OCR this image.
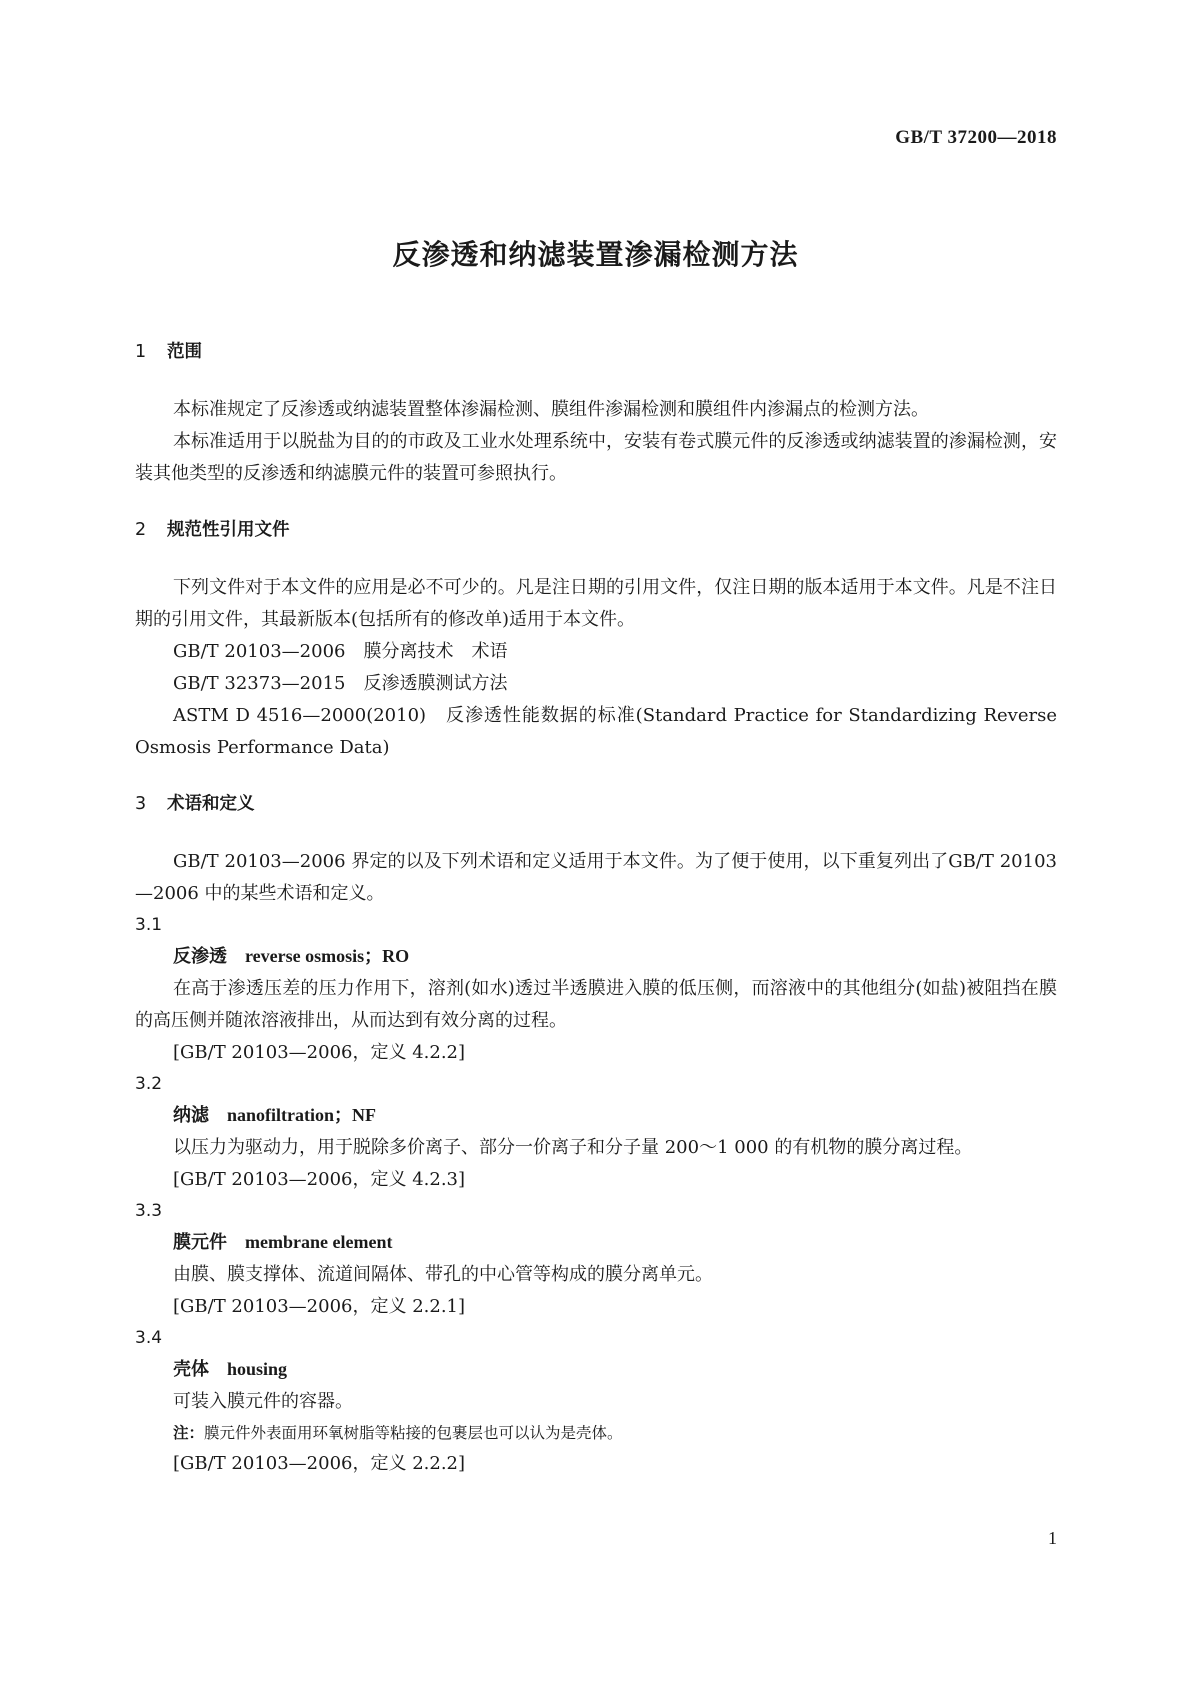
GB/T 37200—2018
反渗透和纳滤装置渗漏检测方法
1 范围
本标准规定了反渗透或纳滤装置整体渗漏检测、膜组件渗漏检测和膜组件内渗漏点的检测方法。
本标准适用于以脱盐为目的的市政及工业水处理系统中，安装有卷式膜元件的反渗透或纳滤装置的渗漏检测，安装其他类型的反渗透和纳滤膜元件的装置可参照执行。
2 规范性引用文件
下列文件对于本文件的应用是必不可少的。凡是注日期的引用文件，仅注日期的版本适用于本文件。凡是不注日期的引用文件，其最新版本(包括所有的修改单)适用于本文件。
GB/T 20103—2006　膜分离技术　术语
GB/T 32373—2015　反渗透膜测试方法
ASTM D 4516—2000(2010)　反渗透性能数据的标准(Standard Practice for Standardizing Reverse Osmosis Performance Data)
3 术语和定义
GB/T 20103—2006 界定的以及下列术语和定义适用于本文件。为了便于使用，以下重复列出了GB/T 20103—2006 中的某些术语和定义。
3.1
反渗透 reverse osmosis；RO
在高于渗透压差的压力作用下，溶剂(如水)透过半透膜进入膜的低压侧，而溶液中的其他组分(如盐)被阻挡在膜的高压侧并随浓溶液排出，从而达到有效分离的过程。
[GB/T 20103—2006，定义 4.2.2]
3.2
纳滤 nanofiltration；NF
以压力为驱动力，用于脱除多价离子、部分一价离子和分子量 200～1 000 的有机物的膜分离过程。
[GB/T 20103—2006，定义 4.2.3]
3.3
膜元件 membrane element
由膜、膜支撑体、流道间隔体、带孔的中心管等构成的膜分离单元。
[GB/T 20103—2006，定义 2.2.1]
3.4
壳体 housing
可装入膜元件的容器。
注：膜元件外表面用环氧树脂等粘接的包裹层也可以认为是壳体。
[GB/T 20103—2006，定义 2.2.2]
1
